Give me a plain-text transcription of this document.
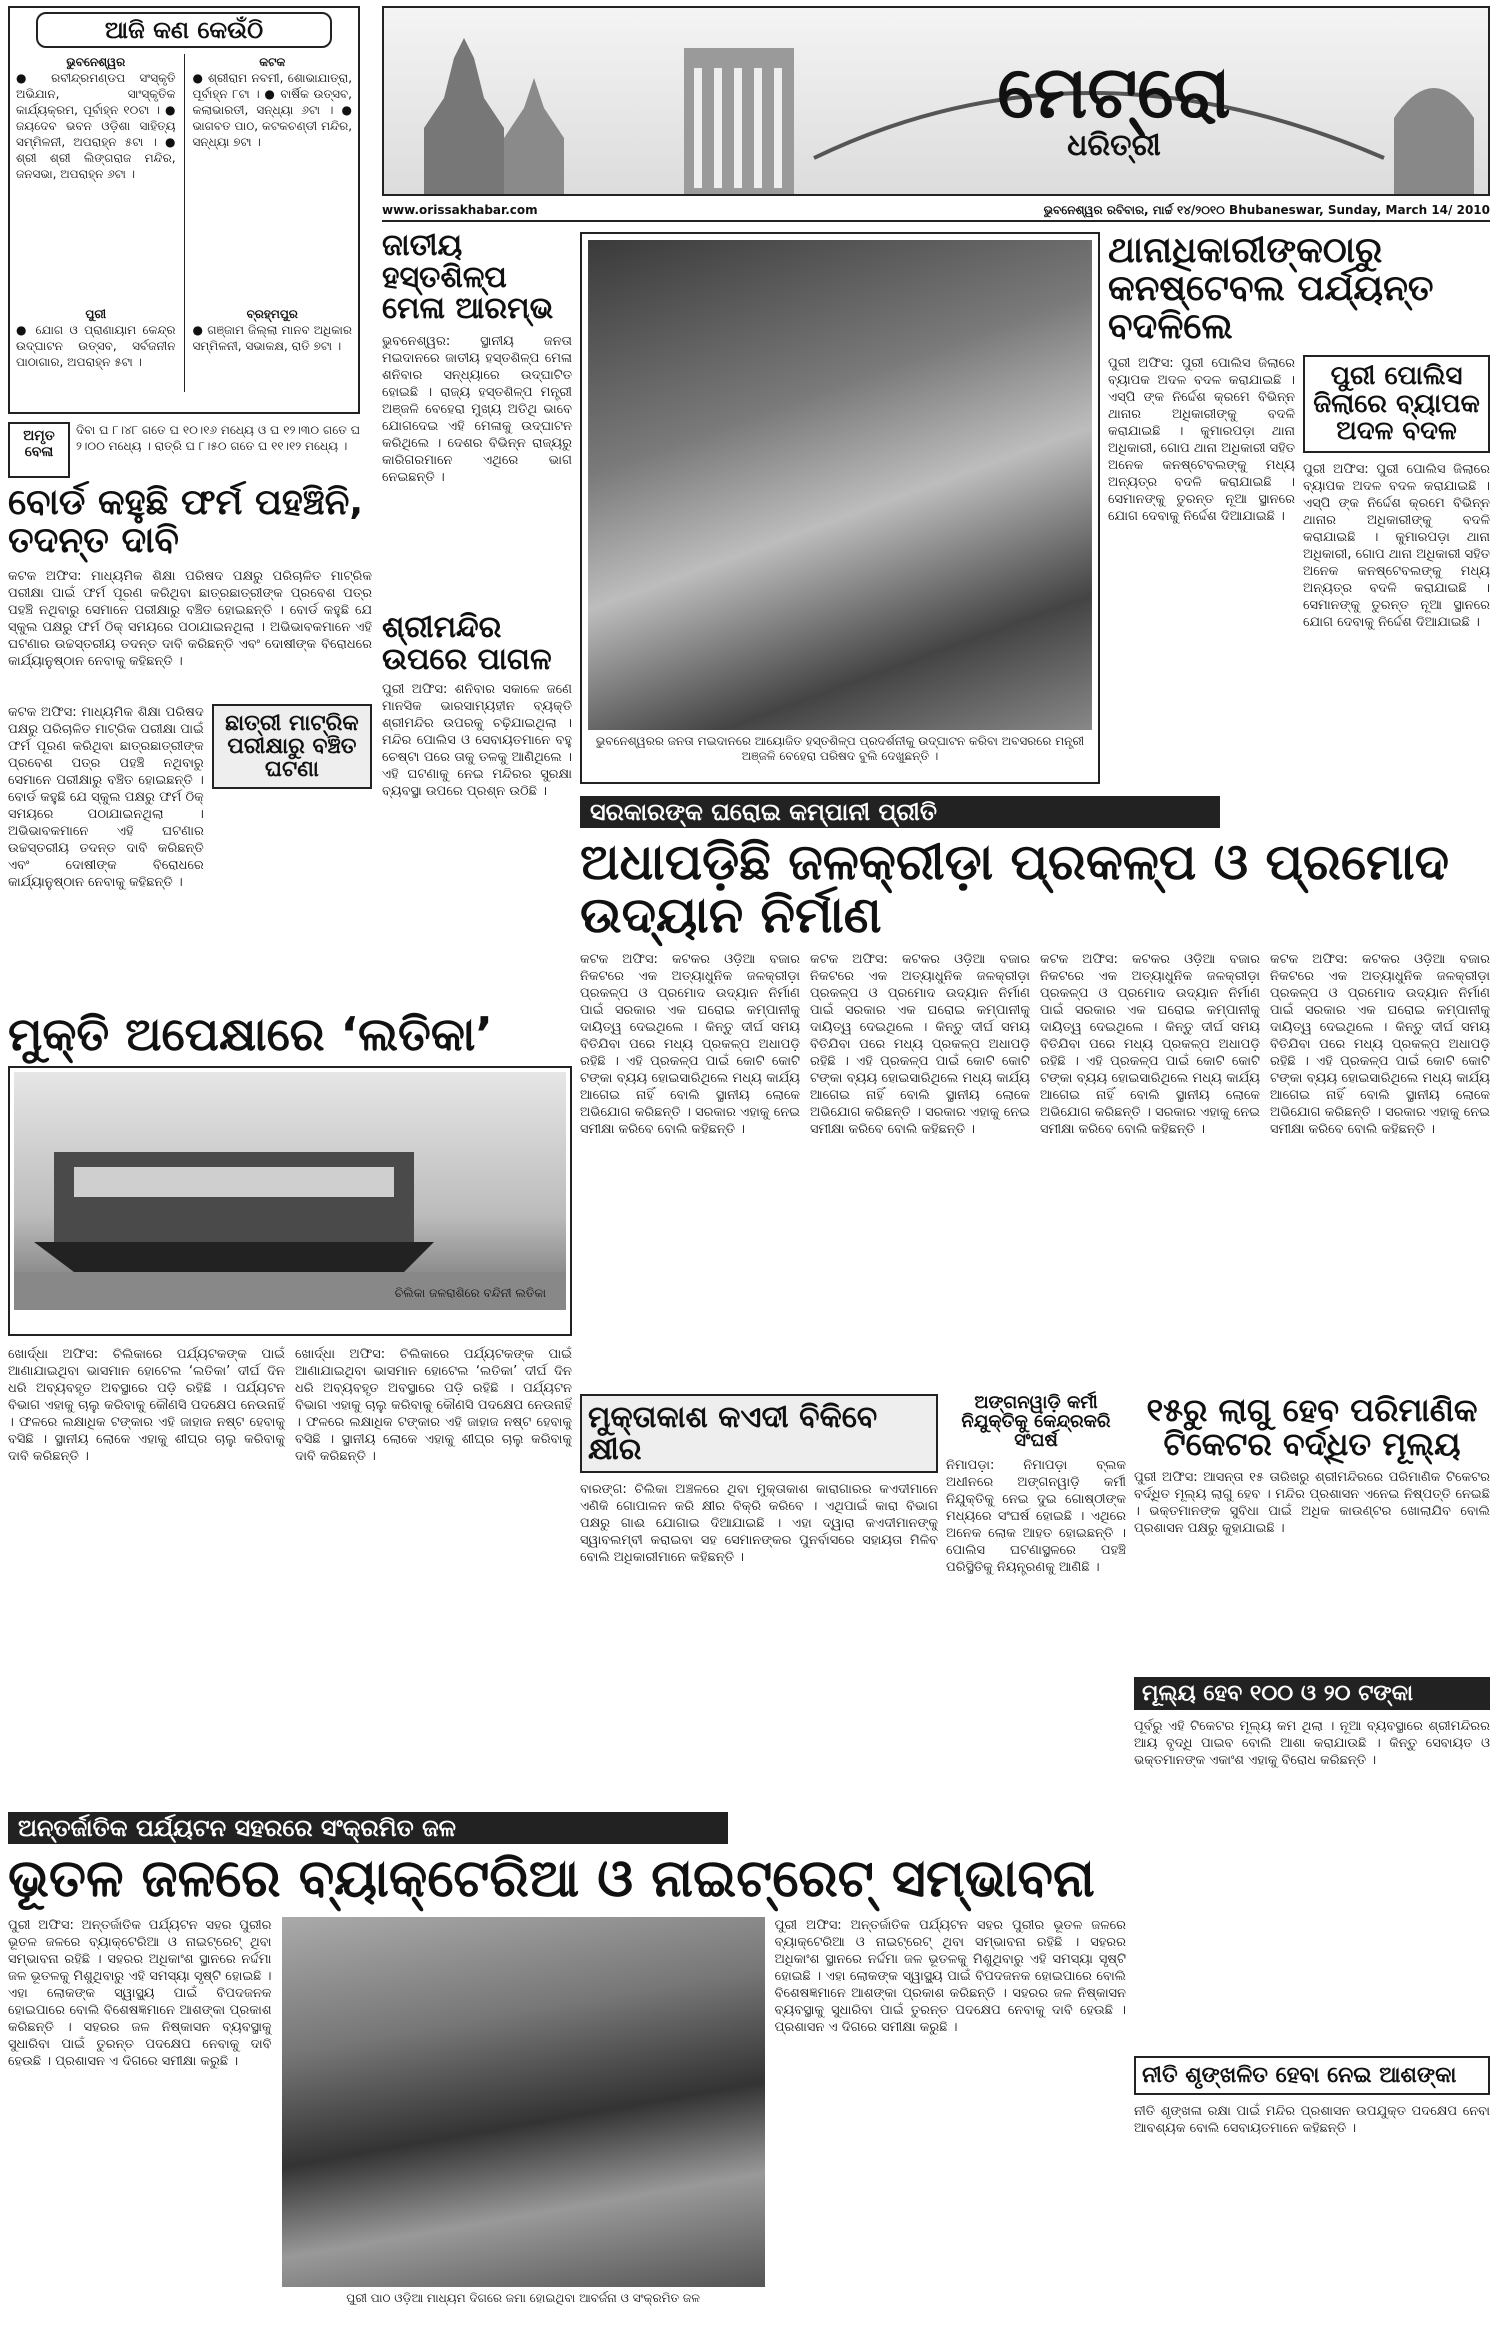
ଆଜି କଣ କେଉଁଠି
ଭୁବନେଶ୍ୱର
● ରବୀନ୍ଦ୍ରମଣ୍ଡପ ସଂସ୍କୃତି ଅଭିଯାନ, ସାଂସ୍କୃତିକ କାର୍ଯ୍ୟକ୍ରମ, ପୂର୍ବାହ୍ନ ୧୦ଟା । ● ଜୟଦେବ ଭବନ ଓଡ଼ିଶା ସାହିତ୍ୟ ସମ୍ମିଳନୀ, ଅପରାହ୍ନ ୫ଟା । ● ଶ୍ରୀ ଶ୍ରୀ ଲିଙ୍ଗରାଜ ମନ୍ଦିର, ଜନସଭା, ଅପରାହ୍ନ ୬ଟା ।
ପୁରୀ
● ଯୋଗ ଓ ପ୍ରାଣାୟାମ କେନ୍ଦ୍ର ଉଦ୍‌ଘାଟନ ଉତ୍ସବ, ସର୍ବଜନୀନ ପାଠାଗାର, ଅପରାହ୍ନ ୫ଟା ।
କଟକ
● ଶ୍ରୀରାମ ନବମୀ, ଶୋଭାଯାତ୍ରା, ପୂର୍ବାହ୍ନ ୮ଟା । ● ବାର୍ଷିକ ଉତ୍ସବ, କଲାଭାରତୀ, ସନ୍ଧ୍ୟା ୬ଟା । ● ଭାଗବତ ପାଠ, କଟକଚଣ୍ଡୀ ମନ୍ଦିର, ସନ୍ଧ୍ୟା ୭ଟା ।
ବ୍ରହ୍ମପୁର
● ଗଞ୍ଜାମ ଜିଲ୍ଲା ମାନବ ଅଧିକାର ସମ୍ମିଳନୀ, ସଭାକକ୍ଷ, ରାତି ୭ଟା ।
ଅମୃତ ବେଳା
ଦିବା ଘ ୮।୪୮ ଗତେ ଘ ୧୦।୧୬ ମଧ୍ୟେ ଓ ଘ ୧୨।୩୦ ଗତେ ଘ ୨।୦୦ ମଧ୍ୟେ । ରାତ୍ରି ଘ ୮।୫୦ ଗତେ ଘ ୧୧।୧୨ ମଧ୍ୟେ ।
ମେଟ୍ରୋ
ଧରିତ୍ରୀ
www.orissakhabar.com	ଭୁବନେଶ୍ୱର ରବିବାର, ମାର୍ଚ୍ଚ ୧୪/୨୦୧୦ Bhubaneswar, Sunday, March 14/ 2010
ଜାତୀୟ ହସ୍ତଶିଳ୍ପ ମେଳା ଆରମ୍ଭ
ଭୁବନେଶ୍ୱର: ସ୍ଥାନୀୟ ଜନତା ମଇଦାନରେ ଜାତୀୟ ହସ୍ତଶିଳ୍ପ ମେଳା ଶନିବାର ସନ୍ଧ୍ୟାରେ ଉଦ୍‌ଘାଟିତ ହୋଇଛି । ରାଜ୍ୟ ହସ୍ତଶିଳ୍ପ ମନ୍ତ୍ରୀ ଅଞ୍ଜଳି ବେହେରା ମୁଖ୍ୟ ଅତିଥି ଭାବେ ଯୋଗଦେଇ ଏହି ମେଳାକୁ ଉଦ୍‌ଘାଟନ କରିଥିଲେ । ଦେଶର ବିଭିନ୍ନ ରାଜ୍ୟରୁ କାରିଗରମାନେ ଏଥିରେ ଭାଗ ନେଇଛନ୍ତି ।
ଭୁବନେଶ୍ୱରର ଜନତା ମଇଦାନରେ ଆୟୋଜିତ ହସ୍ତଶିଳ୍ପ ପ୍ରଦର୍ଶନୀକୁ ଉଦ୍‌ଘାଟନ କରିବା ଅବସରରେ ମନ୍ତ୍ରୀ ଅଞ୍ଜଳି ବେହେରା ପରିଷଦ ବୁଲି ଦେଖୁଛନ୍ତି ।
ଥାନାଧିକାରୀଙ୍କଠାରୁ କନଷ୍ଟେବଲ ପର୍ଯ୍ୟନ୍ତ ବଦଳିଲେ
ପୁରୀ ଅଫିସ: ପୁରୀ ପୋଲିସ ଜିଲାରେ ବ୍ୟାପକ ଅଦଳ ବଦଳ କରାଯାଇଛି । ଏସ୍‌ପି ଙ୍କ ନିର୍ଦ୍ଦେଶ କ୍ରମେ ବିଭିନ୍ନ ଥାନାର ଅଧିକାରୀଙ୍କୁ ବଦଳି କରାଯାଇଛି । କୁମାରପଡ଼ା ଥାନା ଅଧିକାରୀ, ଗୋପ ଥାନା ଅଧିକାରୀ ସହିତ ଅନେକ କନଷ୍ଟେବଲଙ୍କୁ ମଧ୍ୟ ଅନ୍ୟତ୍ର ବଦଳି କରାଯାଇଛି । ସେମାନଙ୍କୁ ତୁରନ୍ତ ନୂଆ ସ୍ଥାନରେ ଯୋଗ ଦେବାକୁ ନିର୍ଦ୍ଦେଶ ଦିଆଯାଇଛି ।
ପୁରୀ ପୋଲିସ ଜିଲାରେ ବ୍ୟାପକ ଅଦଳ ବଦଳ
ପୁରୀ ଅଫିସ: ପୁରୀ ପୋଲିସ ଜିଲାରେ ବ୍ୟାପକ ଅଦଳ ବଦଳ କରାଯାଇଛି । ଏସ୍‌ପି ଙ୍କ ନିର୍ଦ୍ଦେଶ କ୍ରମେ ବିଭିନ୍ନ ଥାନାର ଅଧିକାରୀଙ୍କୁ ବଦଳି କରାଯାଇଛି । କୁମାରପଡ଼ା ଥାନା ଅଧିକାରୀ, ଗୋପ ଥାନା ଅଧିକାରୀ ସହିତ ଅନେକ କନଷ୍ଟେବଲଙ୍କୁ ମଧ୍ୟ ଅନ୍ୟତ୍ର ବଦଳି କରାଯାଇଛି । ସେମାନଙ୍କୁ ତୁରନ୍ତ ନୂଆ ସ୍ଥାନରେ ଯୋଗ ଦେବାକୁ ନିର୍ଦ୍ଦେଶ ଦିଆଯାଇଛି ।
ବୋର୍ଡ କହୁଛି ଫର୍ମ ପହଞ୍ଚିନି, ତଦନ୍ତ ଦାବି
କଟକ ଅଫିସ: ମାଧ୍ୟମିକ ଶିକ୍ଷା ପରିଷଦ ପକ୍ଷରୁ ପରିଚାଳିତ ମାଟ୍ରିକ ପରୀକ୍ଷା ପାଇଁ ଫର୍ମ ପୂରଣ କରିଥିବା ଛାତ୍ରଛାତ୍ରୀଙ୍କ ପ୍ରବେଶ ପତ୍ର ପହଞ୍ଚି ନଥିବାରୁ ସେମାନେ ପରୀକ୍ଷାରୁ ବଞ୍ଚିତ ହୋଇଛନ୍ତି । ବୋର୍ଡ କହୁଛି ଯେ ସ୍କୁଲ ପକ୍ଷରୁ ଫର୍ମ ଠିକ୍ ସମୟରେ ପଠାଯାଇନଥିଲା । ଅଭିଭାବକମାନେ ଏହି ଘଟଣାର ଉଚ୍ଚସ୍ତରୀୟ ତଦନ୍ତ ଦାବି କରିଛନ୍ତି ଏବଂ ଦୋଷୀଙ୍କ ବିରୋଧରେ କାର୍ଯ୍ୟାନୁଷ୍ଠାନ ନେବାକୁ କହିଛନ୍ତି ।
କଟକ ଅଫିସ: ମାଧ୍ୟମିକ ଶିକ୍ଷା ପରିଷଦ ପକ୍ଷରୁ ପରିଚାଳିତ ମାଟ୍ରିକ ପରୀକ୍ଷା ପାଇଁ ଫର୍ମ ପୂରଣ କରିଥିବା ଛାତ୍ରଛାତ୍ରୀଙ୍କ ପ୍ରବେଶ ପତ୍ର ପହଞ୍ଚି ନଥିବାରୁ ସେମାନେ ପରୀକ୍ଷାରୁ ବଞ୍ଚିତ ହୋଇଛନ୍ତି । ବୋର୍ଡ କହୁଛି ଯେ ସ୍କୁଲ ପକ୍ଷରୁ ଫର୍ମ ଠିକ୍ ସମୟରେ ପଠାଯାଇନଥିଲା । ଅଭିଭାବକମାନେ ଏହି ଘଟଣାର ଉଚ୍ଚସ୍ତରୀୟ ତଦନ୍ତ ଦାବି କରିଛନ୍ତି ଏବଂ ଦୋଷୀଙ୍କ ବିରୋଧରେ କାର୍ଯ୍ୟାନୁଷ୍ଠାନ ନେବାକୁ କହିଛନ୍ତି ।
ଛାତ୍ରୀ ମାଟ୍ରିକ ପରୀକ୍ଷାରୁ ବଞ୍ଚିତ ଘଟଣା
ଶ୍ରୀମନ୍ଦିର ଉପରେ ପାଗଳ
ପୁରୀ ଅଫିସ: ଶନିବାର ସକାଳେ ଜଣେ ମାନସିକ ଭାରସାମ୍ୟହୀନ ବ୍ୟକ୍ତି ଶ୍ରୀମନ୍ଦିର ଉପରକୁ ଚଢ଼ିଯାଇଥିଲା । ମନ୍ଦିର ପୋଲିସ ଓ ସେବାୟତମାନେ ବହୁ ଚେଷ୍ଟା ପରେ ତାକୁ ତଳକୁ ଆଣିଥିଲେ । ଏହି ଘଟଣାକୁ ନେଇ ମନ୍ଦିରର ସୁରକ୍ଷା ବ୍ୟବସ୍ଥା ଉପରେ ପ୍ରଶ୍ନ ଉଠିଛି ।
ସରକାରଙ୍କ ଘରୋଇ କମ୍ପାନୀ ପ୍ରୀତି
ଅଧାପଡ଼ିଛି ଜଳକ୍ରୀଡ଼ା ପ୍ରକଳ୍ପ ଓ ପ୍ରମୋଦ ଉଦ୍ୟାନ ନିର୍ମାଣ
କଟକ ଅଫିସ: କଟକର ଓଡ଼ିଆ ବଜାର ନିକଟରେ ଏକ ଅତ୍ୟାଧୁନିକ ଜଳକ୍ରୀଡ଼ା ପ୍ରକଳ୍ପ ଓ ପ୍ରମୋଦ ଉଦ୍ୟାନ ନିର୍ମାଣ ପାଇଁ ସରକାର ଏକ ଘରୋଇ କମ୍ପାନୀକୁ ଦାୟିତ୍ୱ ଦେଇଥିଲେ । କିନ୍ତୁ ଦୀର୍ଘ ସମୟ ବିତିଯିବା ପରେ ମଧ୍ୟ ପ୍ରକଳ୍ପ ଅଧାପଡ଼ି ରହିଛି । ଏହି ପ୍ରକଳ୍ପ ପାଇଁ କୋଟି କୋଟି ଟଙ୍କା ବ୍ୟୟ ହୋଇସାରିଥିଲେ ମଧ୍ୟ କାର୍ଯ୍ୟ ଆଗେଇ ନାହିଁ ବୋଲି ସ୍ଥାନୀୟ ଲୋକେ ଅଭିଯୋଗ କରିଛନ୍ତି । ସରକାର ଏହାକୁ ନେଇ ସମୀକ୍ଷା କରିବେ ବୋଲି କହିଛନ୍ତି ।
କଟକ ଅଫିସ: କଟକର ଓଡ଼ିଆ ବଜାର ନିକଟରେ ଏକ ଅତ୍ୟାଧୁନିକ ଜଳକ୍ରୀଡ଼ା ପ୍ରକଳ୍ପ ଓ ପ୍ରମୋଦ ଉଦ୍ୟାନ ନିର୍ମାଣ ପାଇଁ ସରକାର ଏକ ଘରୋଇ କମ୍ପାନୀକୁ ଦାୟିତ୍ୱ ଦେଇଥିଲେ । କିନ୍ତୁ ଦୀର୍ଘ ସମୟ ବିତିଯିବା ପରେ ମଧ୍ୟ ପ୍ରକଳ୍ପ ଅଧାପଡ଼ି ରହିଛି । ଏହି ପ୍ରକଳ୍ପ ପାଇଁ କୋଟି କୋଟି ଟଙ୍କା ବ୍ୟୟ ହୋଇସାରିଥିଲେ ମଧ୍ୟ କାର୍ଯ୍ୟ ଆଗେଇ ନାହିଁ ବୋଲି ସ୍ଥାନୀୟ ଲୋକେ ଅଭିଯୋଗ କରିଛନ୍ତି । ସରକାର ଏହାକୁ ନେଇ ସମୀକ୍ଷା କରିବେ ବୋଲି କହିଛନ୍ତି ।
କଟକ ଅଫିସ: କଟକର ଓଡ଼ିଆ ବଜାର ନିକଟରେ ଏକ ଅତ୍ୟାଧୁନିକ ଜଳକ୍ରୀଡ଼ା ପ୍ରକଳ୍ପ ଓ ପ୍ରମୋଦ ଉଦ୍ୟାନ ନିର୍ମାଣ ପାଇଁ ସରକାର ଏକ ଘରୋଇ କମ୍ପାନୀକୁ ଦାୟିତ୍ୱ ଦେଇଥିଲେ । କିନ୍ତୁ ଦୀର୍ଘ ସମୟ ବିତିଯିବା ପରେ ମଧ୍ୟ ପ୍ରକଳ୍ପ ଅଧାପଡ଼ି ରହିଛି । ଏହି ପ୍ରକଳ୍ପ ପାଇଁ କୋଟି କୋଟି ଟଙ୍କା ବ୍ୟୟ ହୋଇସାରିଥିଲେ ମଧ୍ୟ କାର୍ଯ୍ୟ ଆଗେଇ ନାହିଁ ବୋଲି ସ୍ଥାନୀୟ ଲୋକେ ଅଭିଯୋଗ କରିଛନ୍ତି । ସରକାର ଏହାକୁ ନେଇ ସମୀକ୍ଷା କରିବେ ବୋଲି କହିଛନ୍ତି ।
କଟକ ଅଫିସ: କଟକର ଓଡ଼ିଆ ବଜାର ନିକଟରେ ଏକ ଅତ୍ୟାଧୁନିକ ଜଳକ୍ରୀଡ଼ା ପ୍ରକଳ୍ପ ଓ ପ୍ରମୋଦ ଉଦ୍ୟାନ ନିର୍ମାଣ ପାଇଁ ସରକାର ଏକ ଘରୋଇ କମ୍ପାନୀକୁ ଦାୟିତ୍ୱ ଦେଇଥିଲେ । କିନ୍ତୁ ଦୀର୍ଘ ସମୟ ବିତିଯିବା ପରେ ମଧ୍ୟ ପ୍ରକଳ୍ପ ଅଧାପଡ଼ି ରହିଛି । ଏହି ପ୍ରକଳ୍ପ ପାଇଁ କୋଟି କୋଟି ଟଙ୍କା ବ୍ୟୟ ହୋଇସାରିଥିଲେ ମଧ୍ୟ କାର୍ଯ୍ୟ ଆଗେଇ ନାହିଁ ବୋଲି ସ୍ଥାନୀୟ ଲୋକେ ଅଭିଯୋଗ କରିଛନ୍ତି । ସରକାର ଏହାକୁ ନେଇ ସମୀକ୍ଷା କରିବେ ବୋଲି କହିଛନ୍ତି ।
ମୁକ୍ତି ଅପେକ୍ଷାରେ ‘ଲତିକା’
ଚିଲିକା ଜଳରାଶିରେ ବନ୍ଦିନୀ ଲତିକା
ଖୋର୍ଦ୍ଧା ଅଫିସ: ଚିଲିକାରେ ପର୍ଯ୍ୟଟକଙ୍କ ପାଇଁ ଆଣାଯାଇଥିବା ଭାସମାନ ହୋଟେଲ ‘ଲତିକା’ ଦୀର୍ଘ ଦିନ ଧରି ଅବ୍ୟବହୃତ ଅବସ୍ଥାରେ ପଡ଼ି ରହିଛି । ପର୍ଯ୍ୟଟନ ବିଭାଗ ଏହାକୁ ଚାଲୁ କରିବାକୁ କୌଣସି ପଦକ୍ଷେପ ନେଉନାହିଁ । ଫଳରେ ଲକ୍ଷାଧିକ ଟଙ୍କାର ଏହି ଜାହାଜ ନଷ୍ଟ ହେବାକୁ ବସିଛି । ସ୍ଥାନୀୟ ଲୋକେ ଏହାକୁ ଶୀଘ୍ର ଚାଲୁ କରିବାକୁ ଦାବି କରିଛନ୍ତି ।
ଖୋର୍ଦ୍ଧା ଅଫିସ: ଚିଲିକାରେ ପର୍ଯ୍ୟଟକଙ୍କ ପାଇଁ ଆଣାଯାଇଥିବା ଭାସମାନ ହୋଟେଲ ‘ଲତିକା’ ଦୀର୍ଘ ଦିନ ଧରି ଅବ୍ୟବହୃତ ଅବସ୍ଥାରେ ପଡ଼ି ରହିଛି । ପର୍ଯ୍ୟଟନ ବିଭାଗ ଏହାକୁ ଚାଲୁ କରିବାକୁ କୌଣସି ପଦକ୍ଷେପ ନେଉନାହିଁ । ଫଳରେ ଲକ୍ଷାଧିକ ଟଙ୍କାର ଏହି ଜାହାଜ ନଷ୍ଟ ହେବାକୁ ବସିଛି । ସ୍ଥାନୀୟ ଲୋକେ ଏହାକୁ ଶୀଘ୍ର ଚାଲୁ କରିବାକୁ ଦାବି କରିଛନ୍ତି ।
ମୁକ୍ତାକାଶ କଏଦୀ ବିକିବେ କ୍ଷୀର
ବାରଙ୍ଗ: ଚିଲିକା ଅଞ୍ଚଳରେ ଥିବା ମୁକ୍ତାକାଶ କାରାଗାରର କଏଦୀମାନେ ଏଣିକି ଗୋପାଳନ କରି କ୍ଷୀର ବିକ୍ରି କରିବେ । ଏଥିପାଇଁ କାରା ବିଭାଗ ପକ୍ଷରୁ ଗାଈ ଯୋଗାଇ ଦିଆଯାଇଛି । ଏହା ଦ୍ୱାରା କଏଦୀମାନଙ୍କୁ ସ୍ୱାବଲମ୍ବୀ କରାଇବା ସହ ସେମାନଙ୍କର ପୁନର୍ବାସରେ ସହାୟତା ମିଳିବ ବୋଲି ଅଧିକାରୀମାନେ କହିଛନ୍ତି ।
ଅଙ୍ଗନୱାଡ଼ି କର୍ମୀ ନିଯୁକ୍ତିକୁ କେନ୍ଦ୍ରକରି ସଂଘର୍ଷ
ନିମାପଡ଼ା: ନିମାପଡ଼ା ବ୍ଲକ ଅଧୀନରେ ଅଙ୍ଗନୱାଡ଼ି କର୍ମୀ ନିଯୁକ୍ତିକୁ ନେଇ ଦୁଇ ଗୋଷ୍ଠୀଙ୍କ ମଧ୍ୟରେ ସଂଘର୍ଷ ହୋଇଛି । ଏଥିରେ ଅନେକ ଲୋକ ଆହତ ହୋଇଛନ୍ତି । ପୋଲିସ ଘଟଣାସ୍ଥଳରେ ପହଞ୍ଚି ପରିସ୍ଥିତିକୁ ନିୟନ୍ତ୍ରଣକୁ ଆଣିଛି ।
୧୫ରୁ ଲାଗୁ ହେବ ପରିମାଣିକ ଟିକେଟର ବର୍ଦ୍ଧିତ ମୂଲ୍ୟ
ପୁରୀ ଅଫିସ: ଆସନ୍ତା ୧୫ ତାରିଖରୁ ଶ୍ରୀମନ୍ଦିରରେ ପରିମାଣିକ ଟିକେଟର ବର୍ଦ୍ଧିତ ମୂଲ୍ୟ ଲାଗୁ ହେବ । ମନ୍ଦିର ପ୍ରଶାସନ ଏନେଇ ନିଷ୍ପତ୍ତି ନେଇଛି । ଭକ୍ତମାନଙ୍କ ସୁବିଧା ପାଇଁ ଅଧିକ କାଉଣ୍ଟର ଖୋଲାଯିବ ବୋଲି ପ୍ରଶାସନ ପକ୍ଷରୁ କୁହାଯାଇଛି ।
ମୂଲ୍ୟ ହେବ ୧୦୦ ଓ ୨୦ ଟଙ୍କା
ପୂର୍ବରୁ ଏହି ଟିକେଟର ମୂଲ୍ୟ କମ ଥିଲା । ନୂଆ ବ୍ୟବସ୍ଥାରେ ଶ୍ରୀମନ୍ଦିରର ଆୟ ବୃଦ୍ଧି ପାଇବ ବୋଲି ଆଶା କରାଯାଉଛି । କିନ୍ତୁ ସେବାୟତ ଓ ଭକ୍ତମାନଙ୍କ ଏକାଂଶ ଏହାକୁ ବିରୋଧ କରିଛନ୍ତି ।
ନୀତି ଶୃଙ୍ଖଳିତ ହେବା ନେଇ ଆଶଙ୍କା
ନୀତି ଶୃଙ୍ଖଳା ରକ୍ଷା ପାଇଁ ମନ୍ଦିର ପ୍ରଶାସନ ଉପଯୁକ୍ତ ପଦକ୍ଷେପ ନେବା ଆବଶ୍ୟକ ବୋଲି ସେବାୟତମାନେ କହିଛନ୍ତି ।
ଅନ୍ତର୍ଜାତିକ ପର୍ଯ୍ୟଟନ ସହରରେ ସଂକ୍ରମିତ ଜଳ
ଭୂତଳ ଜଳରେ ବ୍ୟାକ୍ଟେରିଆ ଓ ନାଇଟ୍ରେଟ୍ ସମ୍ଭାବନା
ପୁରୀ ଅଫିସ: ଅନ୍ତର୍ଜାତିକ ପର୍ଯ୍ୟଟନ ସହର ପୁରୀର ଭୂତଳ ଜଳରେ ବ୍ୟାକ୍ଟେରିଆ ଓ ନାଇଟ୍ରେଟ୍ ଥିବା ସମ୍ଭାବନା ରହିଛି । ସହରର ଅଧିକାଂଶ ସ୍ଥାନରେ ନର୍ଦ୍ଦମା ଜଳ ଭୂତଳକୁ ମିଶୁଥିବାରୁ ଏହି ସମସ୍ୟା ସୃଷ୍ଟି ହୋଇଛି । ଏହା ଲୋକଙ୍କ ସ୍ୱାସ୍ଥ୍ୟ ପାଇଁ ବିପଦଜନକ ହୋଇପାରେ ବୋଲି ବିଶେଷଜ୍ଞମାନେ ଆଶଙ୍କା ପ୍ରକାଶ କରିଛନ୍ତି । ସହରର ଜଳ ନିଷ୍କାସନ ବ୍ୟବସ୍ଥାକୁ ସୁଧାରିବା ପାଇଁ ତୁରନ୍ତ ପଦକ୍ଷେପ ନେବାକୁ ଦାବି ହେଉଛି । ପ୍ରଶାସନ ଏ ଦିଗରେ ସମୀକ୍ଷା କରୁଛି ।
ପୁରୀ ପାଠ ଓଡ଼ିଆ ମାଧ୍ୟମ ଦିଗରେ ଜମା ହୋଇଥିବା ଆବର୍ଜନା ଓ ସଂକ୍ରମିତ ଜଳ
ପୁରୀ ଅଫିସ: ଅନ୍ତର୍ଜାତିକ ପର୍ଯ୍ୟଟନ ସହର ପୁରୀର ଭୂତଳ ଜଳରେ ବ୍ୟାକ୍ଟେରିଆ ଓ ନାଇଟ୍ରେଟ୍ ଥିବା ସମ୍ଭାବନା ରହିଛି । ସହରର ଅଧିକାଂଶ ସ୍ଥାନରେ ନର୍ଦ୍ଦମା ଜଳ ଭୂତଳକୁ ମିଶୁଥିବାରୁ ଏହି ସମସ୍ୟା ସୃଷ୍ଟି ହୋଇଛି । ଏହା ଲୋକଙ୍କ ସ୍ୱାସ୍ଥ୍ୟ ପାଇଁ ବିପଦଜନକ ହୋଇପାରେ ବୋଲି ବିଶେଷଜ୍ଞମାନେ ଆଶଙ୍କା ପ୍ରକାଶ କରିଛନ୍ତି । ସହରର ଜଳ ନିଷ୍କାସନ ବ୍ୟବସ୍ଥାକୁ ସୁଧାରିବା ପାଇଁ ତୁରନ୍ତ ପଦକ୍ଷେପ ନେବାକୁ ଦାବି ହେଉଛି । ପ୍ରଶାସନ ଏ ଦିଗରେ ସମୀକ୍ଷା କରୁଛି ।
